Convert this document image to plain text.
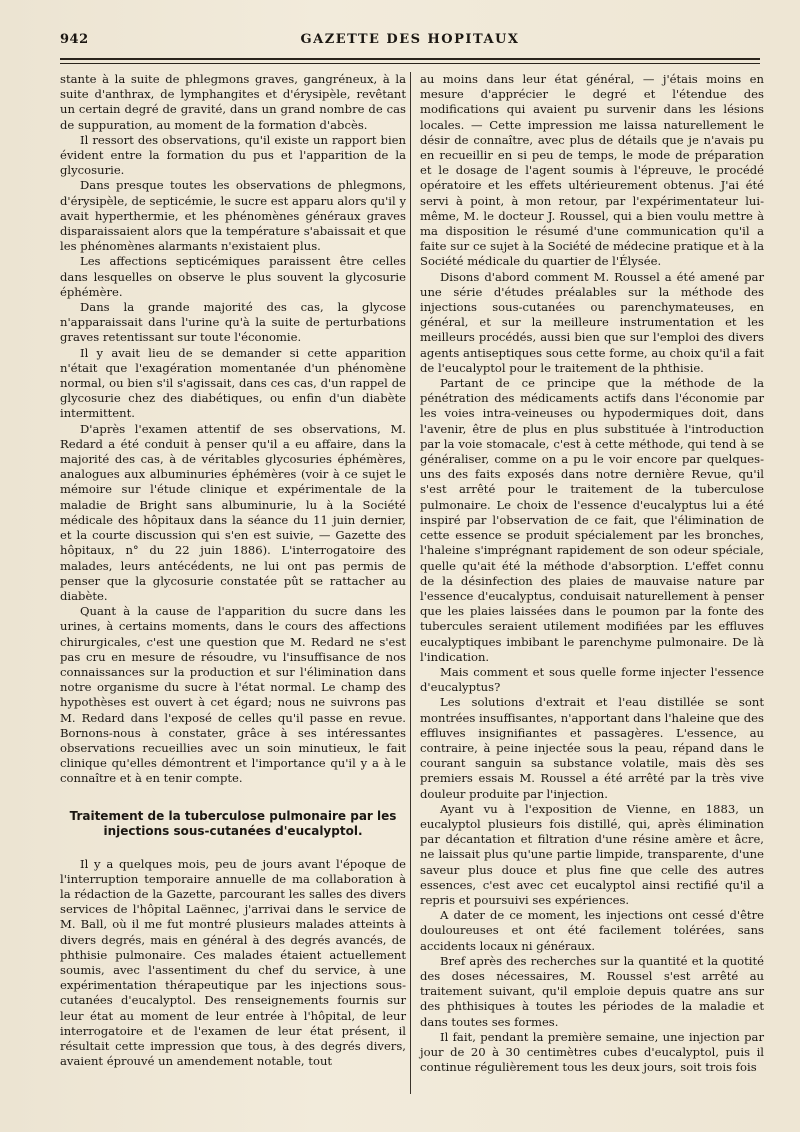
942	GAZETTE DES HOPITAUX

stante à la suite de phlegmons graves, gangréneux, à la suite d'anthrax, de lymphangites et d'érysipèle, revêtant un certain degré de gravité, dans un grand nombre de cas de suppuration, au moment de la formation d'abcès.

Il ressort des observations, qu'il existe un rapport bien évident entre la formation du pus et l'apparition de la glycosurie.

Dans presque toutes les observations de phlegmons, d'érysipèle, de septicémie, le sucre est apparu alors qu'il y avait hyperthermie, et les phénomènes généraux graves disparaissaient alors que la température s'abaissait et que les phénomènes alarmants n'existaient plus.

Les affections septicémiques paraissent être celles dans lesquelles on observe le plus souvent la glycosurie éphémère.

Dans la grande majorité des cas, la glycose n'apparaissait dans l'urine qu'à la suite de perturbations graves retentissant sur toute l'économie.

Il y avait lieu de se demander si cette apparition n'était que l'exagération momentanée d'un phénomène normal, ou bien s'il s'agissait, dans ces cas, d'un rappel de glycosurie chez des diabétiques, ou enfin d'un diabète intermittent.

D'après l'examen attentif de ses observations, M. Redard a été conduit à penser qu'il a eu affaire, dans la majorité des cas, à de véritables glycosuries éphémères, analogues aux albuminuries éphémères (voir à ce sujet le mémoire sur l'étude clinique et expérimentale de la maladie de Bright sans albuminurie, lu à la Société médicale des hôpitaux dans la séance du 11 juin dernier, et la courte discussion qui s'en est suivie, — Gazette des hôpitaux, n° du 22 juin 1886). L'interrogatoire des malades, leurs antécédents, ne lui ont pas permis de penser que la glycosurie constatée pût se rattacher au diabète.

Quant à la cause de l'apparition du sucre dans les urines, à certains moments, dans le cours des affections chirurgicales, c'est une question que M. Redard ne s'est pas cru en mesure de résoudre, vu l'insuffisance de nos connaissances sur la production et sur l'élimination dans notre organisme du sucre à l'état normal. Le champ des hypothèses est ouvert à cet égard; nous ne suivrons pas M. Redard dans l'exposé de celles qu'il passe en revue. Bornons-nous à constater, grâce à ses intéressantes observations recueillies avec un soin minutieux, le fait clinique qu'elles démontrent et l'importance qu'il y a à le connaître et à en tenir compte.

Traitement de la tuberculose pulmonaire par les injections sous-cutanées d'eucalyptol.

Il y a quelques mois, peu de jours avant l'époque de l'interruption temporaire annuelle de ma collaboration à la rédaction de la Gazette, parcourant les salles des divers services de l'hôpital Laënnec, j'arrivai dans le service de M. Ball, où il me fut montré plusieurs malades atteints à divers degrés, mais en général à des degrés avancés, de phthisie pulmonaire. Ces malades étaient actuellement soumis, avec l'assentiment du chef du service, à une expérimentation thérapeutique par les injections sous-cutanées d'eucalyptol. Des renseignements fournis sur leur état au moment de leur entrée à l'hôpital, de leur interrogatoire et de l'examen de leur état présent, il résultait cette impression que tous, à des degrés divers, avaient éprouvé un amendement notable, tout

au moins dans leur état général, — j'étais moins en mesure d'apprécier le degré et l'étendue des modifications qui avaient pu survenir dans les lésions locales. — Cette impression me laissa naturellement le désir de connaître, avec plus de détails que je n'avais pu en recueillir en si peu de temps, le mode de préparation et le dosage de l'agent soumis à l'épreuve, le procédé opératoire et les effets ultérieurement obtenus. J'ai été servi à point, à mon retour, par l'expérimentateur lui-même, M. le docteur J. Roussel, qui a bien voulu mettre à ma disposition le résumé d'une communication qu'il a faite sur ce sujet à la Société de médecine pratique et à la Société médicale du quartier de l'Élysée.

Disons d'abord comment M. Roussel a été amené par une série d'études préalables sur la méthode des injections sous-cutanées ou parenchymateuses, en général, et sur la meilleure instrumentation et les meilleurs procédés, aussi bien que sur l'emploi des divers agents antiseptiques sous cette forme, au choix qu'il a fait de l'eucalyptol pour le traitement de la phthisie.

Partant de ce principe que la méthode de la pénétration des médicaments actifs dans l'économie par les voies intra-veineuses ou hypodermiques doit, dans l'avenir, être de plus en plus substituée à l'introduction par la voie stomacale, c'est à cette méthode, qui tend à se généraliser, comme on a pu le voir encore par quelques-uns des faits exposés dans notre dernière Revue, qu'il s'est arrêté pour le traitement de la tuberculose pulmonaire. Le choix de l'essence d'eucalyptus lui a été inspiré par l'observation de ce fait, que l'élimination de cette essence se produit spécialement par les bronches, l'haleine s'imprégnant rapidement de son odeur spéciale, quelle qu'ait été la méthode d'absorption. L'effet connu de la désinfection des plaies de mauvaise nature par l'essence d'eucalyptus, conduisait naturellement à penser que les plaies laissées dans le poumon par la fonte des tubercules seraient utilement modifiées par les effluves eucalyptiques imbibant le parenchyme pulmonaire. De là l'indication.

Mais comment et sous quelle forme injecter l'essence d'eucalyptus?

Les solutions d'extrait et l'eau distillée se sont montrées insuffisantes, n'apportant dans l'haleine que des effluves insignifiantes et passagères. L'essence, au contraire, à peine injectée sous la peau, répand dans le courant sanguin sa substance volatile, mais dès ses premiers essais M. Roussel a été arrêté par la très vive douleur produite par l'injection.

Ayant vu à l'exposition de Vienne, en 1883, un eucalyptol plusieurs fois distillé, qui, après élimination par décantation et filtration d'une résine amère et âcre, ne laissait plus qu'une partie limpide, transparente, d'une saveur plus douce et plus fine que celle des autres essences, c'est avec cet eucalyptol ainsi rectifié qu'il a repris et poursuivi ses expériences.

A dater de ce moment, les injections ont cessé d'être douloureuses et ont été facilement tolérées, sans accidents locaux ni généraux.

Bref après des recherches sur la quantité et la quotité des doses nécessaires, M. Roussel s'est arrêté au traitement suivant, qu'il emploie depuis quatre ans sur des phthisiques à toutes les périodes de la maladie et dans toutes ses formes.

Il fait, pendant la première semaine, une injection par jour de 20 à 30 centimètres cubes d'eucalyptol, puis il continue régulièrement tous les deux jours, soit trois fois
